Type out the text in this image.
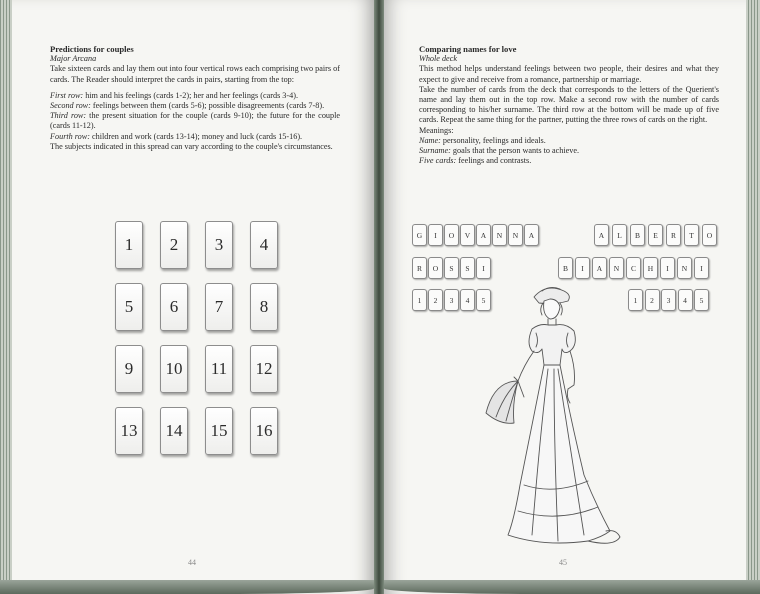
Predictions for couples
Major Arcana
Take sixteen cards and lay them out into four vertical rows each comprising two pairs of cards. The Reader should interpret the cards in pairs, starting from the top:
First row: him and his feelings (cards 1-2); her and her feelings (cards 3-4).
Second row: feelings between them (cards 5-6); possible disagreements (cards 7-8).
Third row: the present situation for the couple (cards 9-10); the future for the couple (cards 11-12).
Fourth row: children and work (cards 13-14); money and luck (cards 15-16).
The subjects indicated in this spread can vary according to the couple's circumstances.
1	2	3	4
5	6	7	8
9	10	11	12
13	14	15	16
44
Comparing names for love
Whole deck
This method helps understand feelings between two people, their desires and what they expect to give and receive from a romance, partnership or marriage.
Take the number of cards from the deck that corresponds to the letters of the Querient's name and lay them out in the top row. Make a second row with the number of cards corresponding to his/her surname. The third row at the bottom will be made up of five cards. Repeat the same thing for the partner, putting the three rows of cards on the right.
Meanings:
Name: personality, feelings and ideals.
Surname: goals that the person wants to achieve.
Five cards: feelings and contrasts.
G	I	O	V	A	N	N	A
R	O	S	S	I
1	2	3	4	5
A	L	B	E	R	T	O
B	I	A	N	C	H	I	N	I
1	2	3	4	5
45
